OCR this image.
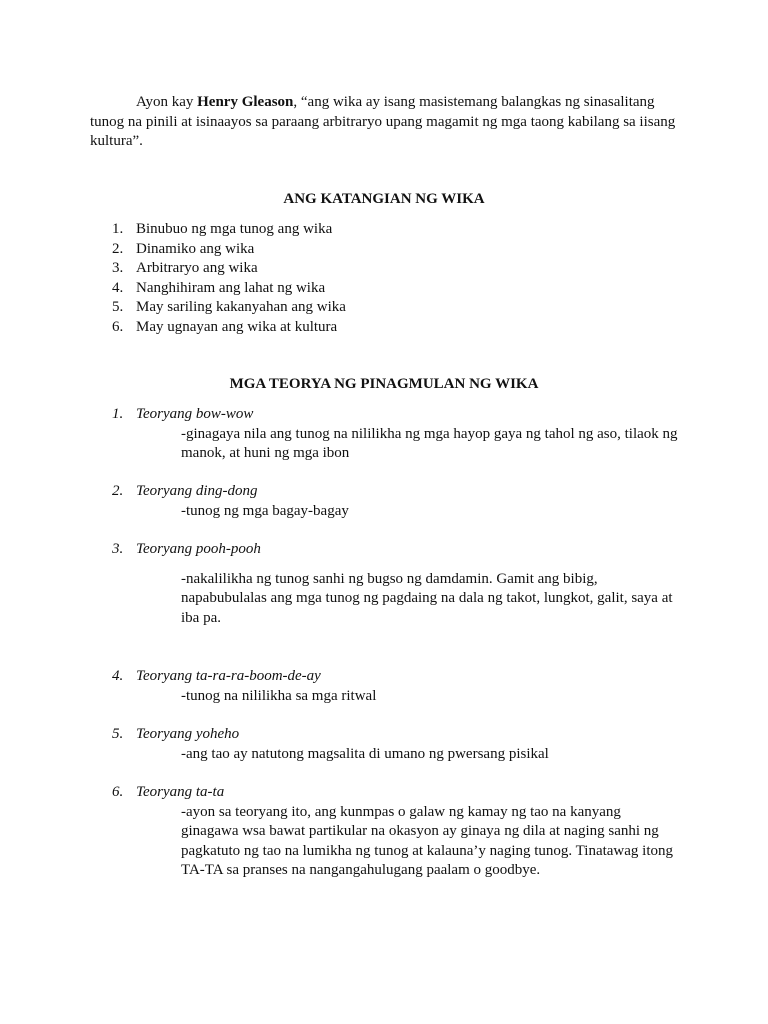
Ayon kay Henry Gleason, “ang wika ay isang masistemang balangkas ng sinasalitang tunog na pinili at isinaayos sa paraang arbitraryo upang magamit ng mga taong kabilang sa iisang kultura”.

ANG KATANGIAN NG WIKA
1. Binubuo ng mga tunog ang wika
2. Dinamiko ang wika
3. Arbitraryo ang wika
4. Nanghihiram ang lahat ng wika
5. May sariling kakanyahan ang wika
6. May ugnayan ang wika at kultura
MGA TEORYA NG PINAGMULAN NG WIKA
1. Teoryang bow-wow

-ginagaya nila ang tunog na nililikha ng mga hayop gaya ng tahol ng aso, tilaok ng manok, at huni ng mga ibon

2. Teoryang ding-dong

-tunog ng mga bagay-bagay

3. Teoryang pooh-pooh

-nakalilikha ng tunog sanhi ng bugso ng damdamin. Gamit ang bibig, napabubulalas ang mga tunog ng pagdaing na dala ng takot, lungkot, galit, saya at iba pa.

4. Teoryang ta-ra-ra-boom-de-ay

-tunog na nililikha sa mga ritwal

5. Teoryang yoheho

-ang tao ay natutong magsalita di umano ng pwersang pisikal

6. Teoryang ta-ta

-ayon sa teoryang ito, ang kunmpas o galaw ng kamay ng tao na kanyang ginagawa wsa bawat partikular na okasyon ay ginaya ng dila at naging sanhi ng pagkatuto ng tao na lumikha ng tunog at kalauna’y naging tunog. Tinatawag itong TA-TA sa pranses na nangangahulugang paalam o goodbye.
